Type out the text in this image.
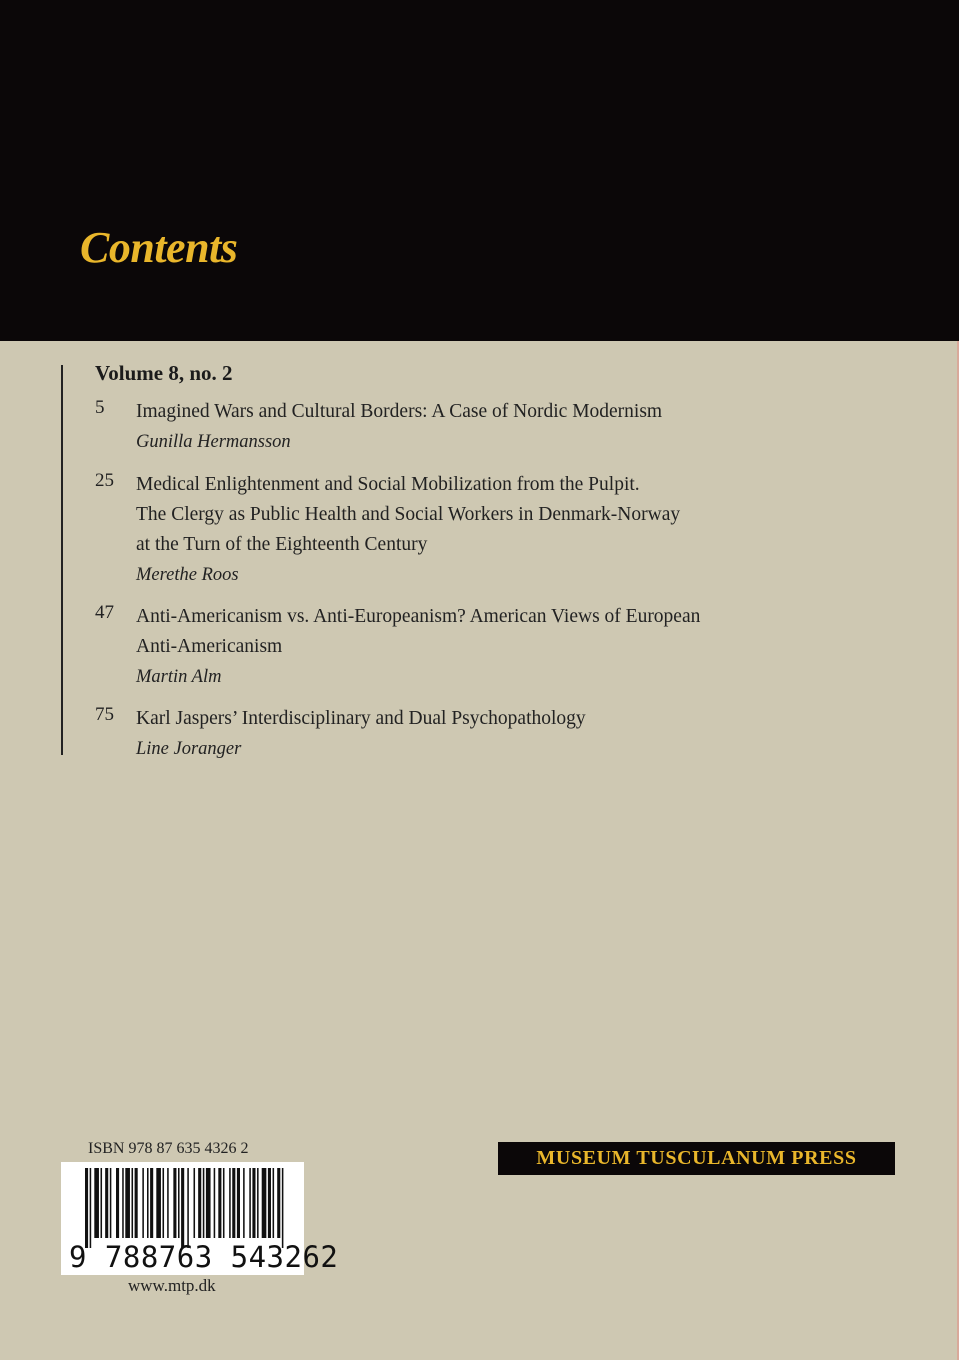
Contents
Volume 8, no. 2
5 Imagined Wars and Cultural Borders: A Case of Nordic Modernism
Gunilla Hermansson
25 Medical Enlightenment and Social Mobilization from the Pulpit.
The Clergy as Public Health and Social Workers in Denmark-Norway
at the Turn of the Eighteenth Century
Merethe Roos
47 Anti-Americanism vs. Anti-Europeanism? American Views of European
Anti-Americanism
Martin Alm
75 Karl Jaspers’ Interdisciplinary and Dual Psychopathology
Line Joranger
ISBN 978 87 635 4326 2
9 788763 543262
www.mtp.dk
MUSEUM TUSCULANUM PRESS
